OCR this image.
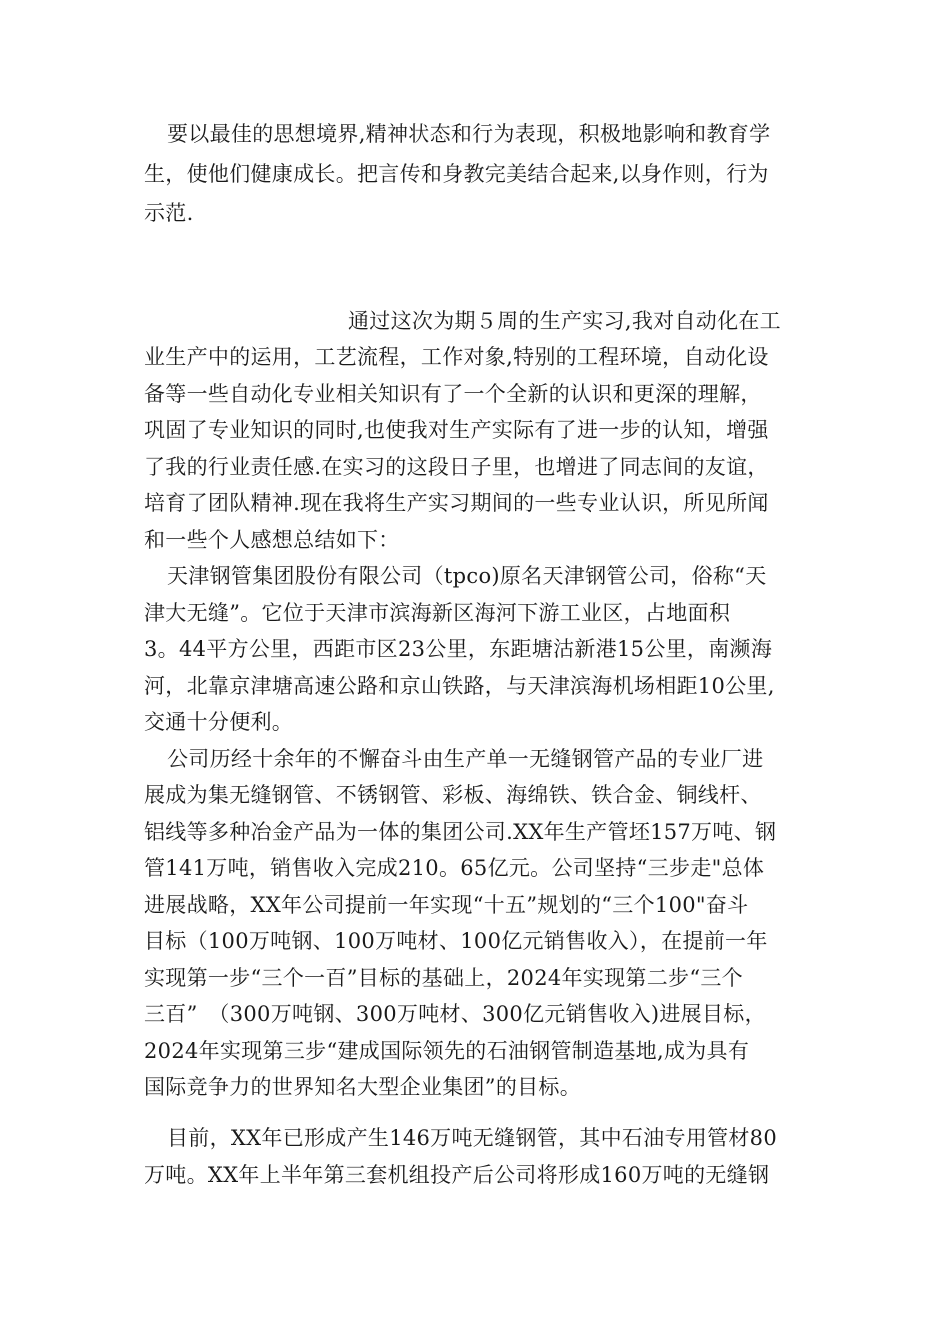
要以最佳的思想境界,精神状态和行为表现，积极地影响和教育学
生，使他们健康成长。把言传和身教完美结合起来,以身作则，行为
示范.
通过这次为期５周的生产实习,我对自动化在工
业生产中的运用，工艺流程，工作对象,特别的工程环境，自动化设
备等一些自动化专业相关知识有了一个全新的认识和更深的理解，
巩固了专业知识的同时,也使我对生产实际有了进一步的认知，增强
了我的行业责任感.在实习的这段日子里，也增进了同志间的友谊，
培育了团队精神.现在我将生产实习期间的一些专业认识，所见所闻
和一些个人感想总结如下：
天津钢管集团股份有限公司（tpco)原名天津钢管公司，俗称“天
津大无缝”。它位于天津市滨海新区海河下游工业区，占地面积
3。44平方公里，西距市区23公里，东距塘沽新港15公里，南濒海
河，北靠京津塘高速公路和京山铁路，与天津滨海机场相距10公里,
交通十分便利。
公司历经十余年的不懈奋斗由生产单一无缝钢管产品的专业厂进
展成为集无缝钢管、不锈钢管、彩板、海绵铁、铁合金、铜线杆、
铝线等多种冶金产品为一体的集团公司.XX年生产管坯157万吨、钢
管141万吨，销售收入完成210。65亿元。公司坚持“三步走"总体
进展战略，XX年公司提前一年实现“十五”规划的“三个100"奋斗
目标（100万吨钢、100万吨材、100亿元销售收入），在提前一年
实现第一步“三个一百”目标的基础上，2024年实现第二步“三个
三百”　（300万吨钢、300万吨材、300亿元销售收入)进展目标，
2024年实现第三步“建成国际领先的石油钢管制造基地,成为具有
国际竞争力的世界知名大型企业集团”的目标。
目前，XX年已形成产生146万吨无缝钢管，其中石油专用管材80
万吨。XX年上半年第三套机组投产后公司将形成160万吨的无缝钢
